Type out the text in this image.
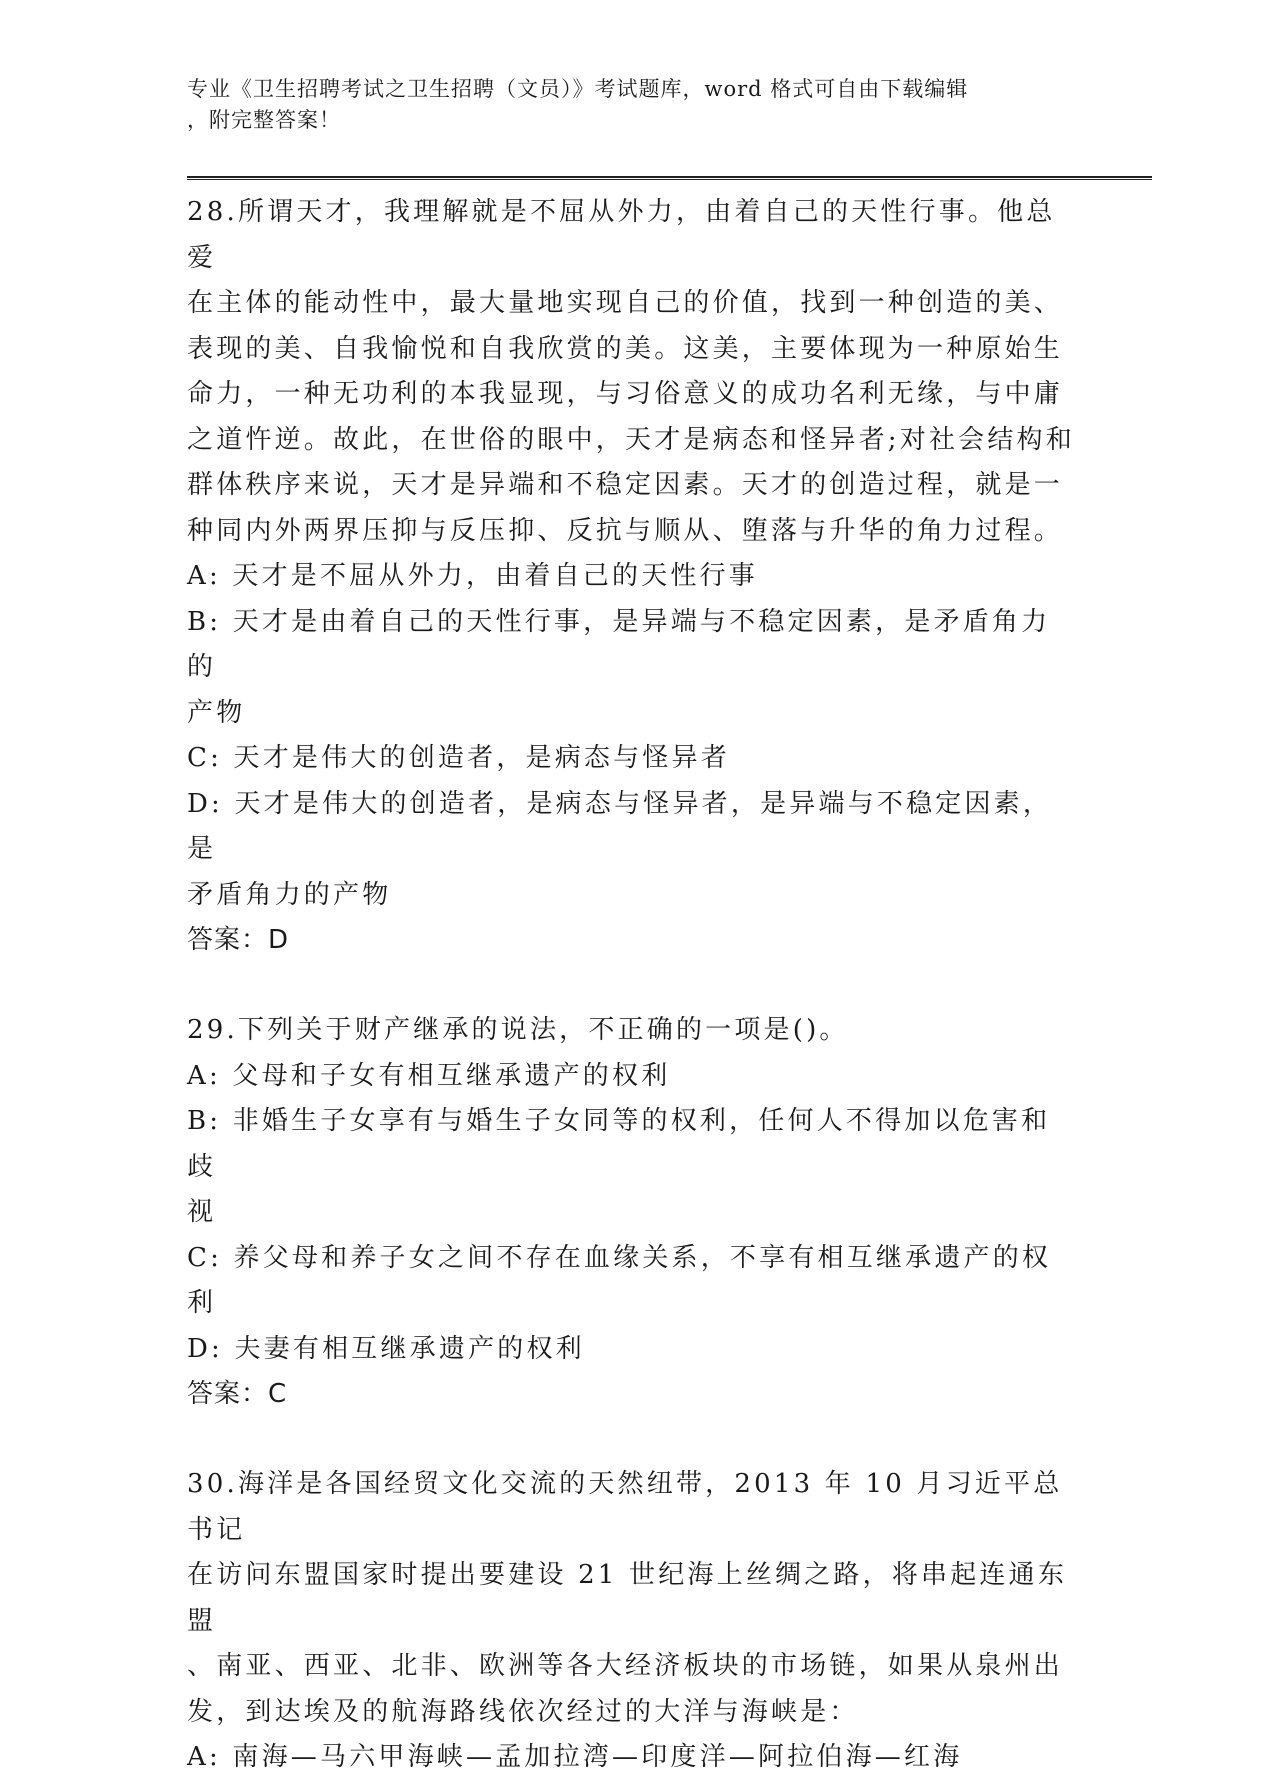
专业《卫生招聘考试之卫生招聘（文员）》考试题库，word 格式可自由下载编辑
，附完整答案！

28.所谓天才，我理解就是不屈从外力，由着自己的天性行事。他总爱

在主体的能动性中，最大量地实现自己的价值，找到一种创造的美、

表现的美、自我愉悦和自我欣赏的美。这美，主要体现为一种原始生

命力，一种无功利的本我显现，与习俗意义的成功名利无缘，与中庸

之道忤逆。故此，在世俗的眼中，天才是病态和怪异者;对社会结构和

群体秩序来说，天才是异端和不稳定因素。天才的创造过程，就是一

种同内外两界压抑与反压抑、反抗与顺从、堕落与升华的角力过程。

A: 天才是不屈从外力，由着自己的天性行事

B: 天才是由着自己的天性行事，是异端与不稳定因素，是矛盾角力的

产物

C: 天才是伟大的创造者，是病态与怪异者

D: 天才是伟大的创造者，是病态与怪异者，是异端与不稳定因素，是

矛盾角力的产物

答案：D

29.下列关于财产继承的说法，不正确的一项是()。

A: 父母和子女有相互继承遗产的权利

B: 非婚生子女享有与婚生子女同等的权利，任何人不得加以危害和歧

视

C: 养父母和养子女之间不存在血缘关系，不享有相互继承遗产的权利

D: 夫妻有相互继承遗产的权利

答案：C

30.海洋是各国经贸文化交流的天然纽带，2013 年 10 月习近平总书记

在访问东盟国家时提出要建设 21 世纪海上丝绸之路，将串起连通东盟

、南亚、西亚、北非、欧洲等各大经济板块的市场链，如果从泉州出

发，到达埃及的航海路线依次经过的大洋与海峡是：

A: 南海—马六甲海峡—孟加拉湾—印度洋—阿拉伯海—红海
